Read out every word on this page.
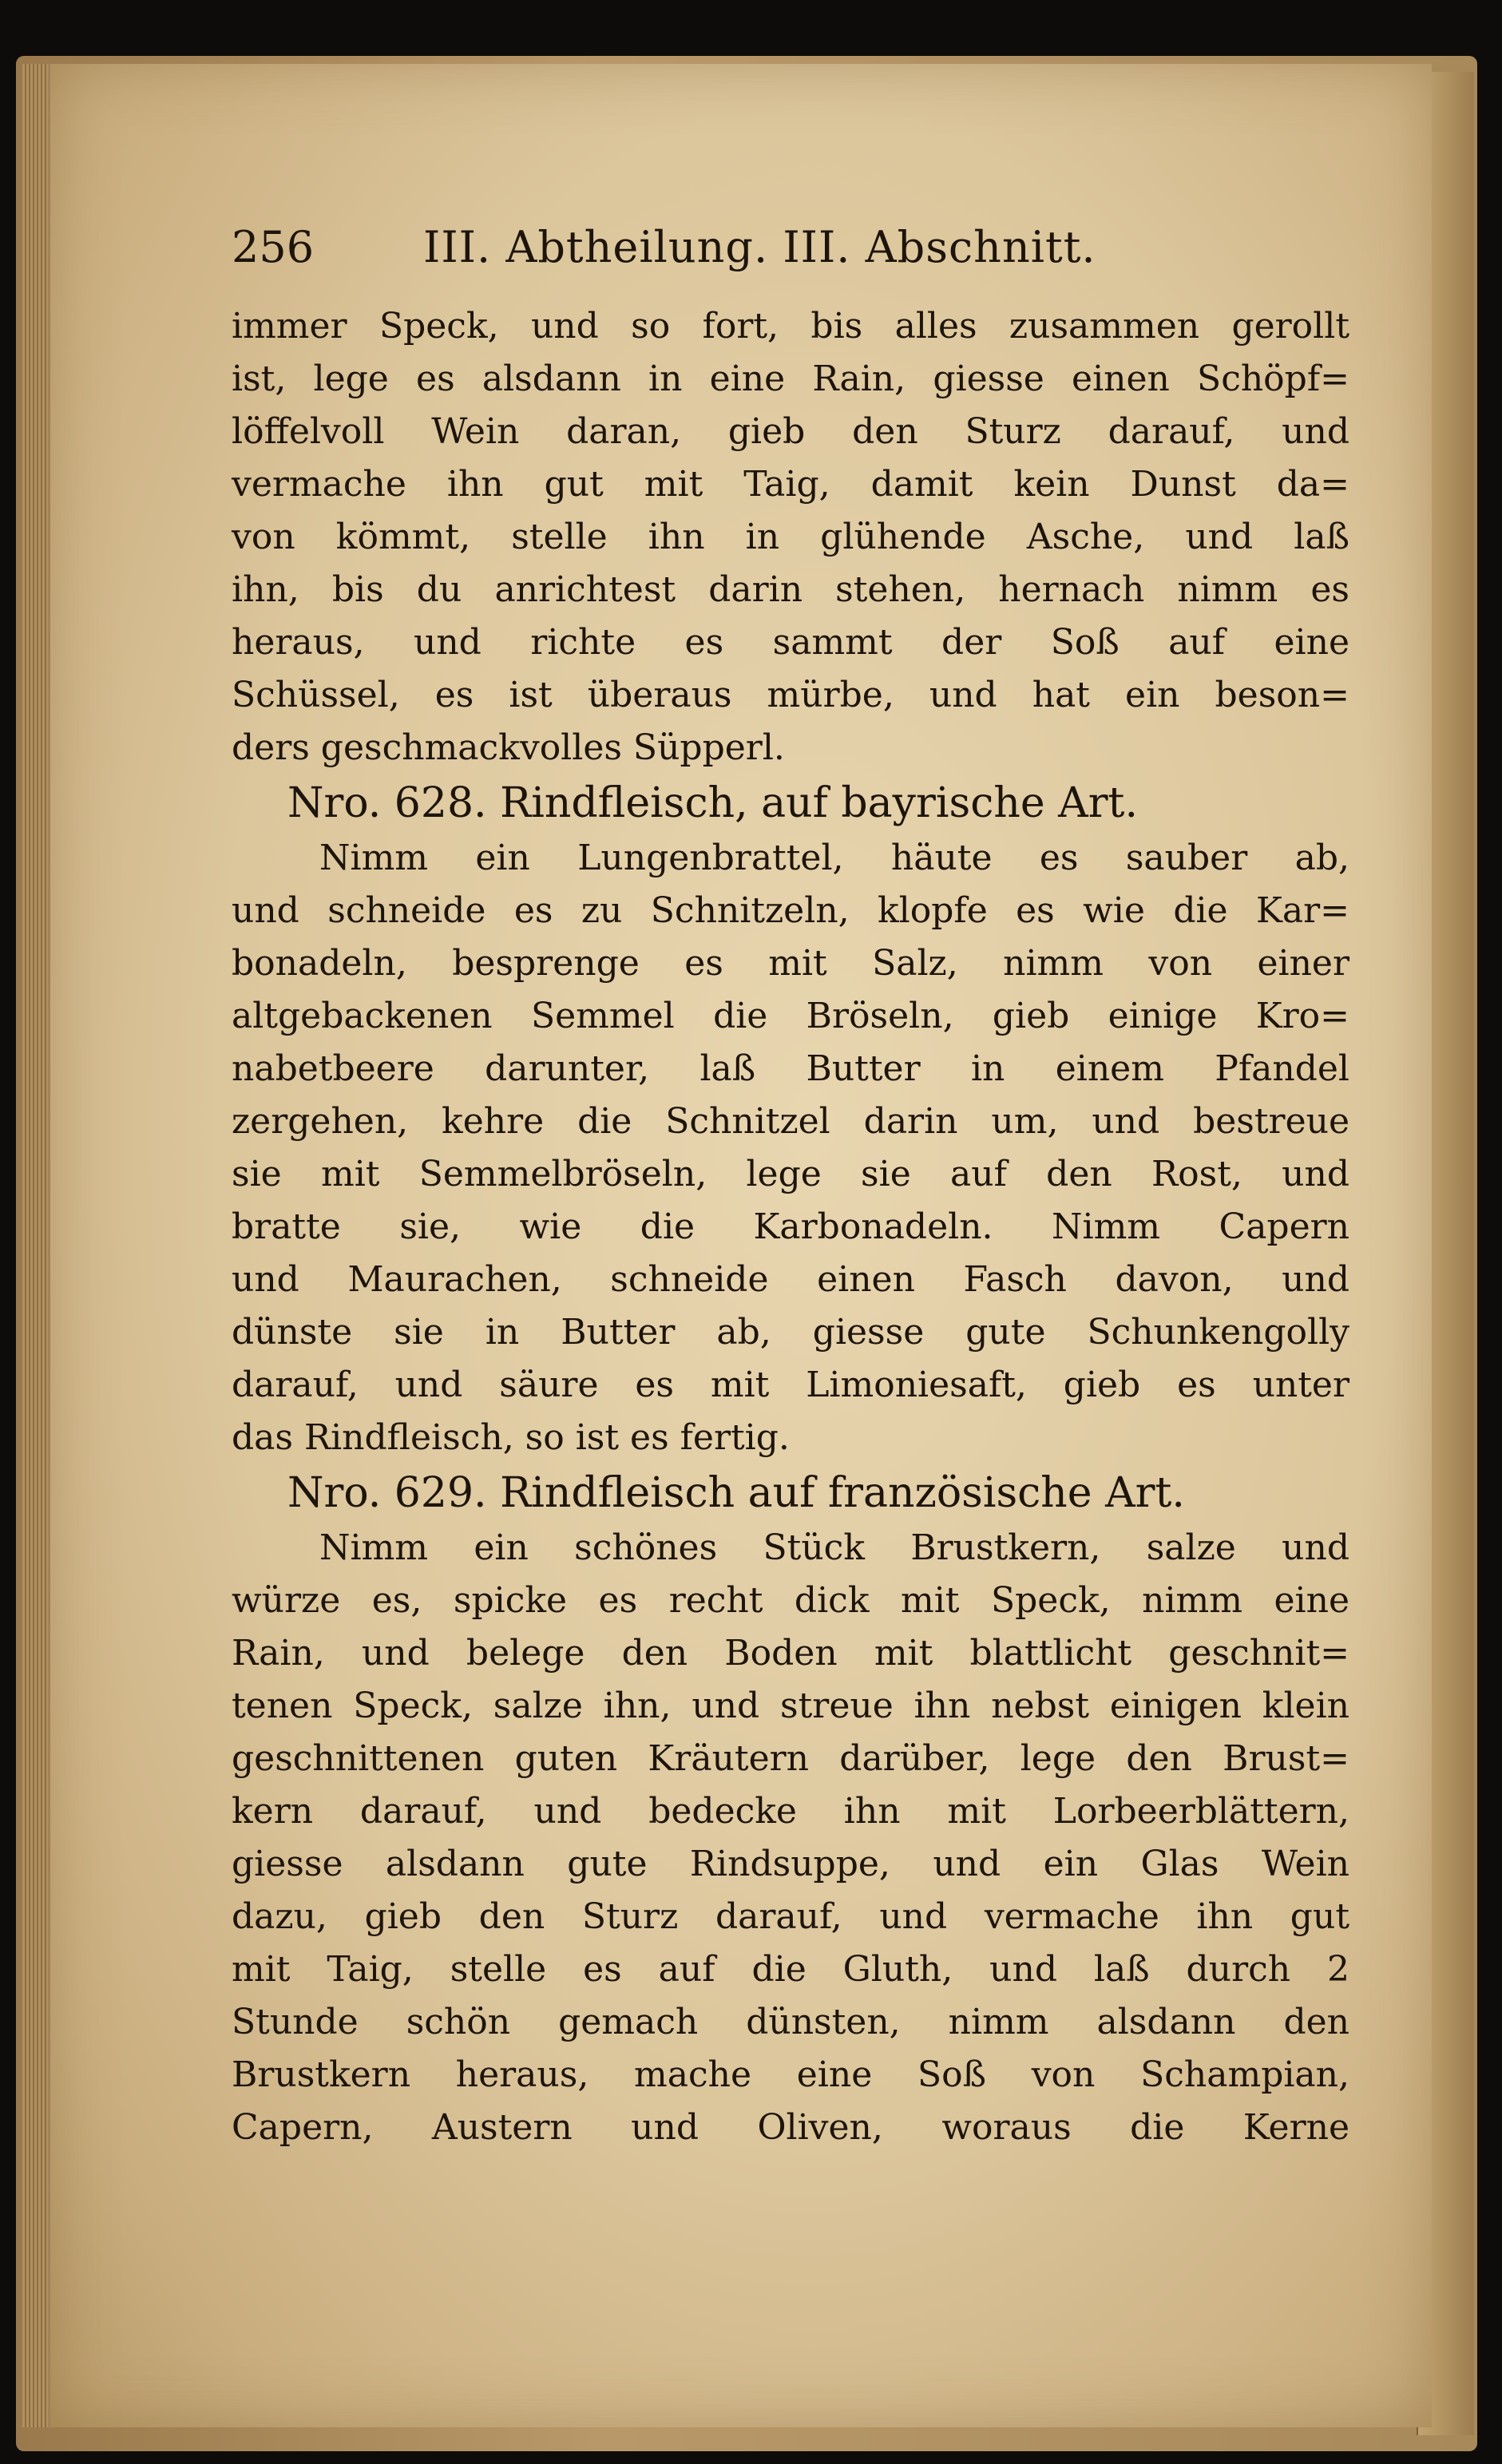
256	III. Abtheilung. III. Abschnitt.
immer Speck, und so fort, bis alles zusammen gerollt
ist, lege es alsdann in eine Rain, giesse einen Schöpf=
löffelvoll Wein daran, gieb den Sturz darauf, und
vermache ihn gut mit Taig, damit kein Dunst da=
von kömmt, stelle ihn in glühende Asche, und laß
ihn, bis du anrichtest darin stehen, hernach nimm es
heraus, und richte es sammt der Soß auf eine
Schüssel, es ist überaus mürbe, und hat ein beson=
ders geschmackvolles Süpperl.
Nro. 628. Rindfleisch, auf bayrische Art.
Nimm ein Lungenbrattel, häute es sauber ab,
und schneide es zu Schnitzeln, klopfe es wie die Kar=
bonadeln, besprenge es mit Salz, nimm von einer
altgebackenen Semmel die Bröseln, gieb einige Kro=
nabetbeere darunter, laß Butter in einem Pfandel
zergehen, kehre die Schnitzel darin um, und bestreue
sie mit Semmelbröseln, lege sie auf den Rost, und
bratte sie, wie die Karbonadeln. Nimm Capern
und Maurachen, schneide einen Fasch davon, und
dünste sie in Butter ab, giesse gute Schunkengolly
darauf, und säure es mit Limoniesaft, gieb es unter
das Rindfleisch, so ist es fertig.
Nro. 629. Rindfleisch auf französische Art.
Nimm ein schönes Stück Brustkern, salze und
würze es, spicke es recht dick mit Speck, nimm eine
Rain, und belege den Boden mit blattlicht geschnit=
tenen Speck, salze ihn, und streue ihn nebst einigen klein
geschnittenen guten Kräutern darüber, lege den Brust=
kern darauf, und bedecke ihn mit Lorbeerblättern,
giesse alsdann gute Rindsuppe, und ein Glas Wein
dazu, gieb den Sturz darauf, und vermache ihn gut
mit Taig, stelle es auf die Gluth, und laß durch 2
Stunde schön gemach dünsten, nimm alsdann den
Brustkern heraus, mache eine Soß von Schampian,
Capern, Austern und Oliven, woraus die Kerne
